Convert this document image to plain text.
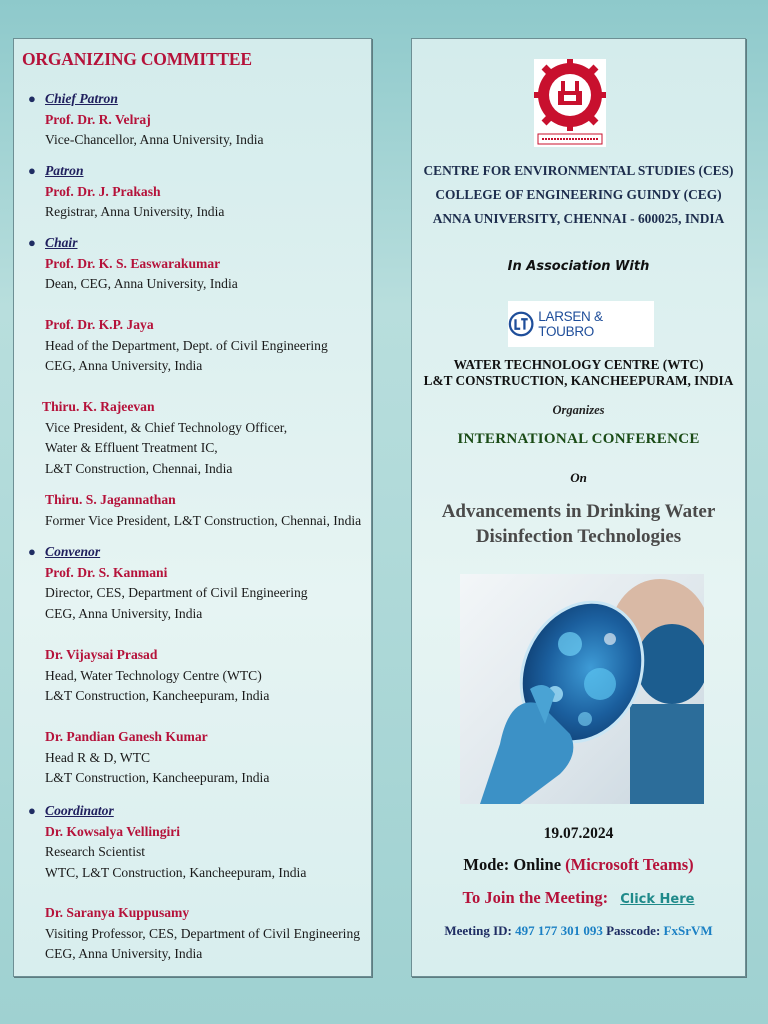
ORGANIZING COMMITTEE
● Chief Patron
Prof. Dr. R. Velraj
Vice-Chancellor, Anna University, India
● Patron
Prof. Dr. J. Prakash
Registrar, Anna University, India
● Chair
Prof. Dr. K. S. Easwarakumar
Dean, CEG, Anna University, India
Prof. Dr. K.P. Jaya
Head of the Department, Dept. of Civil Engineering
CEG, Anna University, India
Thiru. K. Rajeevan
Vice President, & Chief Technology Officer,
Water & Effluent Treatment IC,
L&T Construction, Chennai, India
Thiru. S. Jagannathan
Former Vice President, L&T Construction, Chennai, India
● Convenor
Prof. Dr. S. Kanmani
Director, CES, Department of Civil Engineering
CEG, Anna University, India
Dr. Vijaysai Prasad
Head, Water Technology Centre (WTC)
L&T Construction, Kancheepuram, India
Dr. Pandian Ganesh Kumar
Head R & D, WTC
L&T Construction, Kancheepuram, India
● Coordinator
Dr. Kowsalya Vellingiri
Research Scientist
WTC, L&T Construction, Kancheepuram, India
Dr. Saranya Kuppusamy
Visiting Professor, CES, Department of Civil Engineering
CEG, Anna University, India
CENTRE FOR ENVIRONMENTAL STUDIES (CES)
COLLEGE OF ENGINEERING GUINDY (CEG)
ANNA UNIVERSITY, CHENNAI - 600025, INDIA
In Association With
LARSEN & TOUBRO
WATER TECHNOLOGY CENTRE (WTC)
L&T CONSTRUCTION, KANCHEEPURAM, INDIA
Organizes
INTERNATIONAL CONFERENCE
On
Advancements in Drinking Water
Disinfection Technologies
19.07.2024
Mode: Online (Microsoft Teams)
To Join the Meeting: Click Here
Meeting ID: 497 177 301 093 Passcode: FxSrVM
